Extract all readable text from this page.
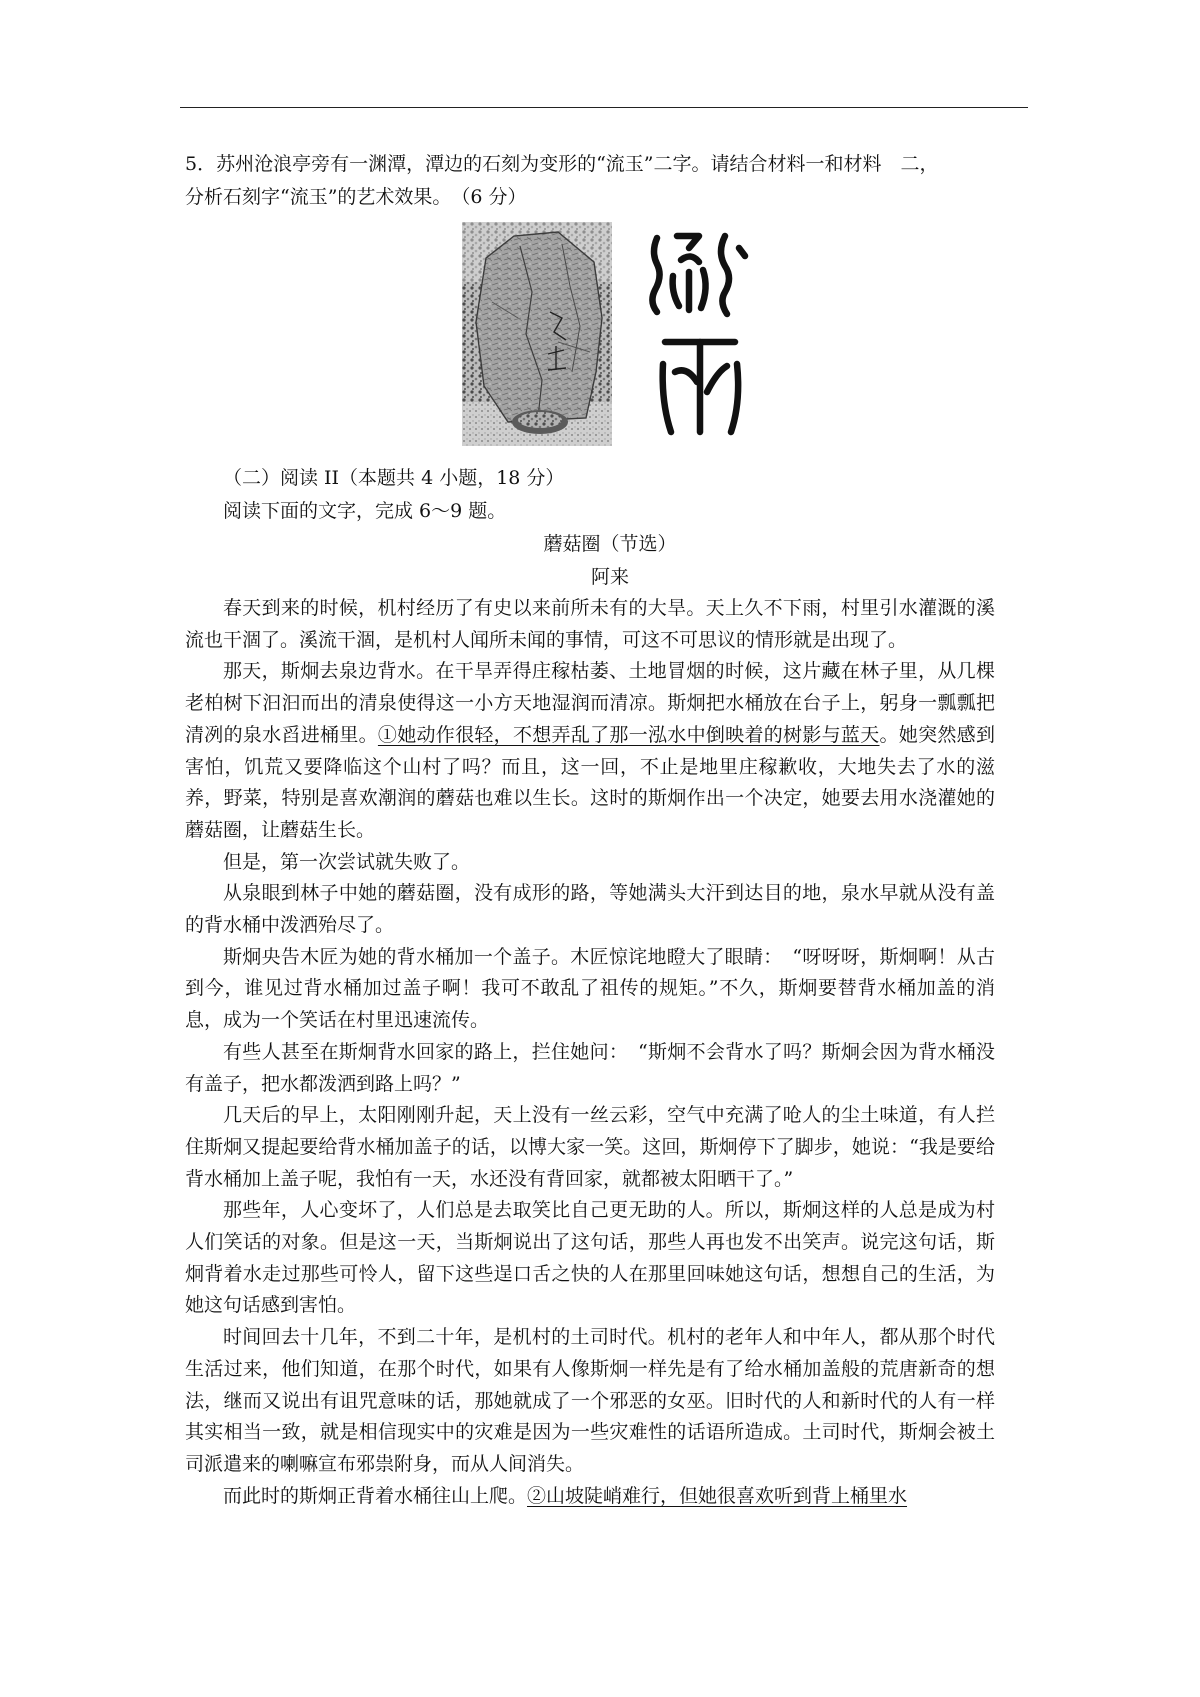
5．苏州沧浪亭旁有一渊潭，潭边的石刻为变形的“流玉”二字。请结合材料一和材料　二，

分析石刻字“流玉”的艺术效果。　（6 分）

（二）阅读 II（本题共 4 小题，18 分）

阅读下面的文字，完成 6～9 题。

蘑菇圈（节选）

阿来

春天到来的时候，机村经历了有史以来前所未有的大旱。天上久不下雨，村里引水灌溉的溪流也干涸了。溪流干涸，是机村人闻所未闻的事情，可这不可思议的情形就是出现了。

那天，斯炯去泉边背水。在干旱弄得庄稼枯萎、土地冒烟的时候，这片藏在林子里，从几棵老柏树下汩汩而出的清泉使得这一小方天地湿润而清凉。斯炯把水桶放在台子上，躬身一瓢瓢把清冽的泉水舀进桶里。①她动作很轻，不想弄乱了那一泓水中倒映着的树影与蓝天。她突然感到害怕，饥荒又要降临这个山村了吗？而且，这一回，不止是地里庄稼歉收，大地失去了水的滋养，野菜，特别是喜欢潮润的蘑菇也难以生长。这时的斯炯作出一个决定，她要去用水浇灌她的蘑菇圈，让蘑菇生长。

但是，第一次尝试就失败了。

从泉眼到林子中她的蘑菇圈，没有成形的路，等她满头大汗到达目的地，泉水早就从没有盖的背水桶中泼洒殆尽了。

斯炯央告木匠为她的背水桶加一个盖子。木匠惊诧地瞪大了眼睛：　“呀呀呀，斯炯啊！从古到今，谁见过背水桶加过盖子啊！我可不敢乱了祖传的规矩。”不久，斯炯要替背水桶加盖的消息，成为一个笑话在村里迅速流传。

有些人甚至在斯炯背水回家的路上，拦住她问：　“斯炯不会背水了吗？斯炯会因为背水桶没有盖子，把水都泼洒到路上吗？”

几天后的早上，太阳刚刚升起，天上没有一丝云彩，空气中充满了呛人的尘土味道，有人拦住斯炯又提起要给背水桶加盖子的话，以博大家一笑。这回，斯炯停下了脚步，她说：“我是要给背水桶加上盖子呢，我怕有一天，水还没有背回家，就都被太阳晒干了。”

那些年，人心变坏了，人们总是去取笑比自己更无助的人。所以，斯炯这样的人总是成为村人们笑话的对象。但是这一天，当斯炯说出了这句话，那些人再也发不出笑声。说完这句话，斯炯背着水走过那些可怜人，留下这些逞口舌之快的人在那里回味她这句话，想想自己的生活，为她这句话感到害怕。

时间回去十几年，不到二十年，是机村的土司时代。机村的老年人和中年人，都从那个时代生活过来，他们知道，在那个时代，如果有人像斯炯一样先是有了给水桶加盖般的荒唐新奇的想法，继而又说出有诅咒意味的话，那她就成了一个邪恶的女巫。旧时代的人和新时代的人有一样其实相当一致，就是相信现实中的灾难是因为一些灾难性的话语所造成。土司时代，斯炯会被土司派遣来的喇嘛宣布邪祟附身，而从人间消失。

而此时的斯炯正背着水桶往山上爬。②山坡陡峭难行，但她很喜欢听到背上桶里水
